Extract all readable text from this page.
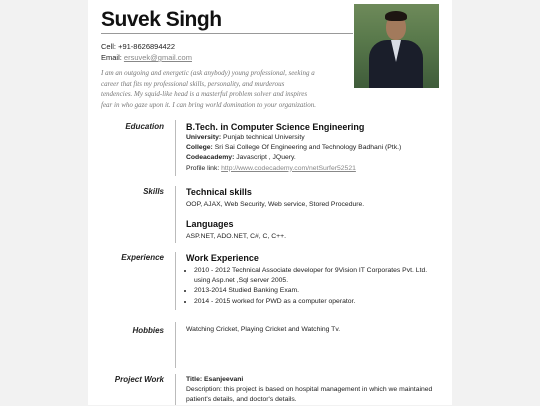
Suvek Singh
Cell: +91-8626894422
Email: ersuvek@gmail.com
I am an outgoing and energetic (ask anybody) young professional, seeking a career that fits my professional skills, personality, and murderous tendencies. My squid-like head is a masterful problem solver and inspires fear in who gaze upon it. I can bring world domination to your organization.
Education B.Tech. in Computer Science Engineering

University: Punjab technical University

College: Sri Sai College Of Engineering and Technology Badhani (Ptk.)

Codeacademy: Javascript , JQuery.

Profile link: http://www.codecademy.com/netSurfer52521

Skills Technical skills

OOP, AJAX, Web Security, Web service, Stored Procedure.

Languages

ASP.NET, ADO.NET, C#, C, C++.

Experience Work Experience
• 2010 - 2012 Technical Associate developer for 9Vision IT Corporates Pvt. Ltd. using Asp.net ,Sql server 2005.
• 2013-2014 Studied Banking Exam.
• 2014 - 2015 worked for PWD as a computer operator.
Hobbies	Watching Cricket, Playing Cricket and Watching Tv.

Project Work	Title: Esanjeevani

Description: this project is based on hospital management in which we maintained patient's details, and doctor's details.
